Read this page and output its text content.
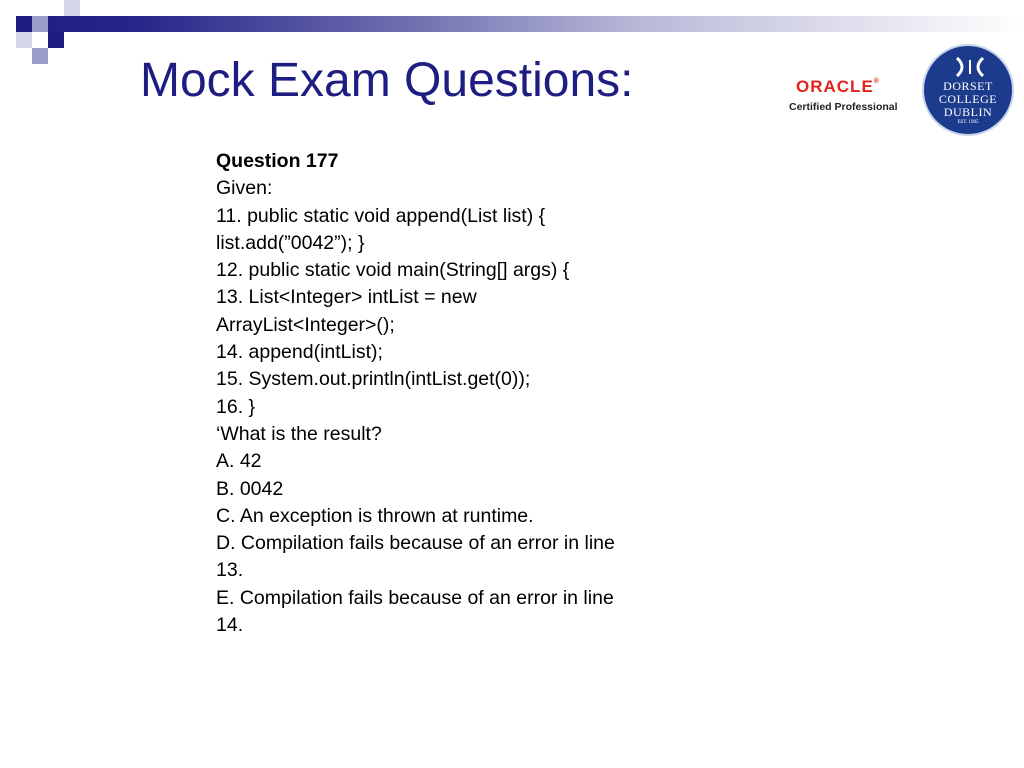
Mock Exam Questions:	ORACLE®
Certified Professional
DORSET
COLLEGE
DUBLIN
EST. 1985

Question 177

Given:

11. public static void append(List list) {

list.add(”0042”); }

12. public static void main(String[] args) {

13. List<Integer> intList = new

ArrayList<Integer>();

14. append(intList);

15. System.out.println(intList.get(0));

16. }

‘What is the result?

A. 42

B. 0042

C. An exception is thrown at runtime.

D. Compilation fails because of an error in line

13.

E. Compilation fails because of an error in line

14.
